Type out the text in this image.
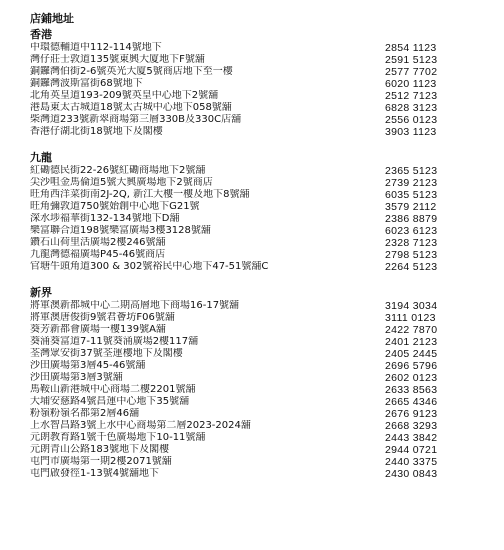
店鋪地址
香港
中環德輔道中112-114號地下	2854 1123
灣仔莊士敦道135號東興大廈地下F號舖	2591 5123
銅鑼灣伯街2-6號英光大廈5號商店地下至一樓	2577 7702
銅鑼灣波斯富街68號地下	6020 1123
北角英皇道193-209號英皇中心地下2號舖	2512 7123
港島東太古城道18號太古城中心地下058號舖	6828 3123
柴灣道233號新翠商場第三層330B及330C店舖	2556 0123
香港仔湖北街18號地下及閣樓	3903 1123
九龍
紅磡德民街22-26號紅磡商場地下2號舖	2365 5123
尖沙咀金馬倫道5號大興廣場地下2號商店	2739 2123
旺角西洋菜街南2J-2Q, 新江大樓一樓及地下8號舖	6035 5123
旺角彌敦道750號始創中心地下G21號	3579 2112
深水埗福華街132-134號地下D舖	2386 8879
樂富聯合道198號樂富廣場3樓3128號舖	6023 6123
鑽石山荷里活廣場2樓246號舖	2328 7123
九龍灣德福廣場P45-46號商店	2798 5123
官塘牛頭角道300 & 302號裕民中心地下47-51號舖C	2264 5123
新界
將軍澳新都城中心二期高層地下商場16-17號舖	3194 3034
將軍澳唐俊街9號君薈坊F06號舖	3111 0123
葵芳新都會廣場一樓139號A舖	2422 7870
葵涌葵富道7-11號葵涌廣場2樓117舖	2401 2123
荃灣眾安街37號荃運樓地下及閣樓	2405 2445
沙田廣場第3層45-46號舖	2696 5796
沙田廣場第3層3號舖	2602 0123
馬鞍山新港城中心商場二樓2201號舖	2633 8563
大埔安慈路4號昌運中心地下35號舖	2665 4346
粉嶺粉嶺名都第2層46舖	2676 9123
上水智昌路3號上水中心商場第二層2023-2024舖	2668 3293
元朗教育路1號千色廣場地下10-11號舖	2443 3842
元朗青山公路183號地下及閣樓	2944 0721
屯門市廣場第一期2樓2071號舖	2440 3375
屯門啟發徑1-13號4號舖地下	2430 0843
